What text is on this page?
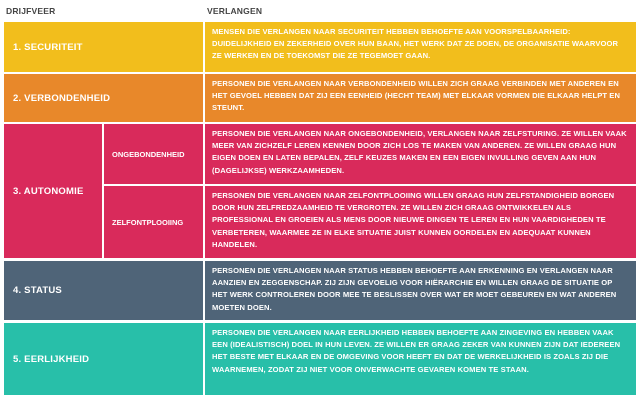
DRIJFVEER	VERLANGEN
1. SECURITEIT
MENSEN DIE VERLANGEN NAAR SECURITEIT HEBBEN BEHOEFTE AAN VOORSPELBAARHEID: DUIDELIJKHEID EN ZEKERHEID OVER HUN BAAN, HET WERK DAT ZE DOEN, DE ORGANISATIE WAARVOOR ZE WERKEN EN DE TOEKOMST DIE ZE TEGEMOET GAAN.
2. VERBONDENHEID
PERSONEN DIE VERLANGEN NAAR VERBONDENHEID WILLEN ZICH GRAAG VERBINDEN MET ANDEREN EN HET GEVOEL HEBBEN DAT ZIJ EEN EENHEID (HECHT TEAM) MET ELKAAR VORMEN DIE ELKAAR HELPT EN STEUNT.
3. AUTONOMIE
ONGEBONDENHEID
ZELFONTPLOOIING
PERSONEN DIE VERLANGEN NAAR ONGEBONDENHEID, VERLANGEN NAAR ZELFSTURING. ZE WILLEN VAAK MEER VAN ZICHZELF LEREN KENNEN DOOR ZICH LOS TE MAKEN VAN ANDEREN. ZE WILLEN GRAAG HUN EIGEN DOEN EN LATEN BEPALEN, ZELF KEUZES MAKEN EN EEN EIGEN INVULLING GEVEN AAN HUN (DAGELIJKSE) WERKZAAMHEDEN.
PERSONEN DIE VERLANGEN NAAR ZELFONTPLOOIING WILLEN GRAAG HUN ZELFSTANDIGHEID BORGEN DOOR HUN ZELFREDZAAMHEID TE VERGROTEN. ZE WILLEN ZICH GRAAG ONTWIKKELEN ALS PROFESSIONAL EN GROEIEN ALS MENS DOOR NIEUWE DINGEN TE LEREN EN HUN VAARDIGHEDEN TE VERBETEREN, WAARMEE ZE IN ELKE SITUATIE JUIST KUNNEN OORDELEN EN ADEQUAAT KUNNEN HANDELEN.
4. STATUS
PERSONEN DIE VERLANGEN NAAR STATUS HEBBEN BEHOEFTE AAN ERKENNING EN VERLANGEN NAAR AANZIEN EN ZEGGENSCHAP. ZIJ ZIJN GEVOELIG VOOR HIËRARCHIE EN WILLEN GRAAG DE SITUATIE OP HET WERK CONTROLEREN DOOR MEE TE BESLISSEN OVER WAT ER MOET GEBEUREN EN WAT ANDEREN MOETEN DOEN.
5. EERLIJKHEID
PERSONEN DIE VERLANGEN NAAR EERLIJKHEID HEBBEN BEHOEFTE AAN ZINGEVING EN HEBBEN VAAK EEN (IDEALISTISCH) DOEL IN HUN LEVEN. ZE WILLEN ER GRAAG ZEKER VAN KUNNEN ZIJN DAT IEDEREEN HET BESTE MET ELKAAR EN DE OMGEVING VOOR HEEFT EN DAT DE WERKELIJKHEID IS ZOALS ZIJ DIE WAARNEMEN, ZODAT ZIJ NIET VOOR ONVERWACHTE GEVAREN KOMEN TE STAAN.
